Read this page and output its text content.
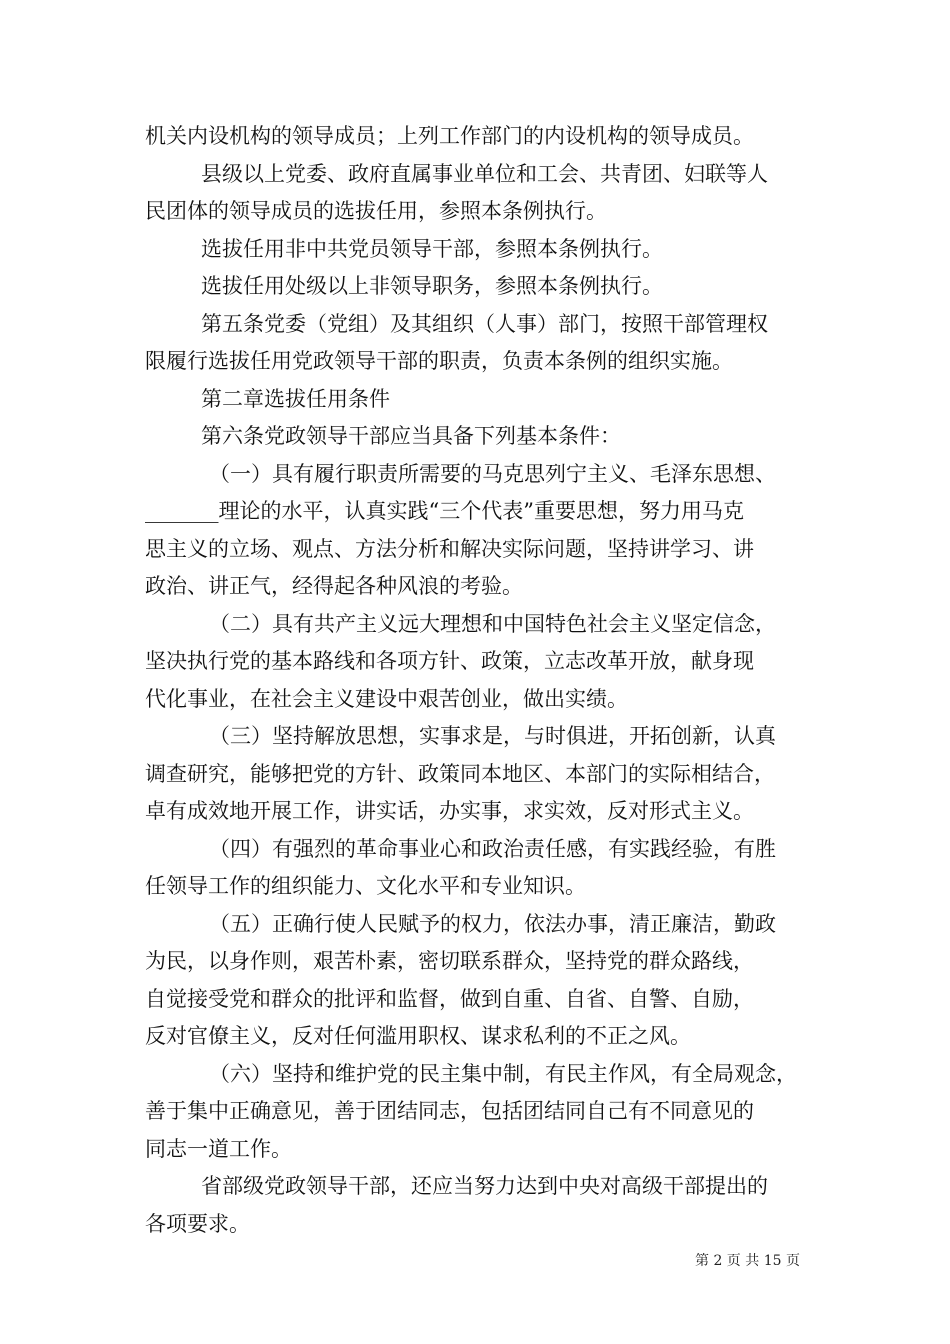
机关内设机构的领导成员；上列工作部门的内设机构的领导成员。
县级以上党委、政府直属事业单位和工会、共青团、妇联等人
民团体的领导成员的选拔任用，参照本条例执行。
选拔任用非中共党员领导干部，参照本条例执行。
选拔任用处级以上非领导职务，参照本条例执行。
第五条党委（党组）及其组织（人事）部门，按照干部管理权
限履行选拔任用党政领导干部的职责，负责本条例的组织实施。
第二章选拔任用条件
第六条党政领导干部应当具备下列基本条件：
（一）具有履行职责所需要的马克思列宁主义、毛泽东思想、
_______理论的水平，认真实践“三个代表”重要思想，努力用马克
思主义的立场、观点、方法分析和解决实际问题，坚持讲学习、讲
政治、讲正气，经得起各种风浪的考验。
（二）具有共产主义远大理想和中国特色社会主义坚定信念，
坚决执行党的基本路线和各项方针、政策，立志改革开放，献身现
代化事业，在社会主义建设中艰苦创业，做出实绩。
（三）坚持解放思想，实事求是，与时俱进，开拓创新，认真
调查研究，能够把党的方针、政策同本地区、本部门的实际相结合，
卓有成效地开展工作，讲实话，办实事，求实效，反对形式主义。
（四）有强烈的革命事业心和政治责任感，有实践经验，有胜
任领导工作的组织能力、文化水平和专业知识。
（五）正确行使人民赋予的权力，依法办事，清正廉洁，勤政
为民，以身作则，艰苦朴素，密切联系群众，坚持党的群众路线，
自觉接受党和群众的批评和监督，做到自重、自省、自警、自励，
反对官僚主义，反对任何滥用职权、谋求私利的不正之风。
（六）坚持和维护党的民主集中制，有民主作风，有全局观念，
善于集中正确意见，善于团结同志，包括团结同自己有不同意见的
同志一道工作。
省部级党政领导干部，还应当努力达到中央对高级干部提出的
各项要求。
第 2 页 共 15 页
